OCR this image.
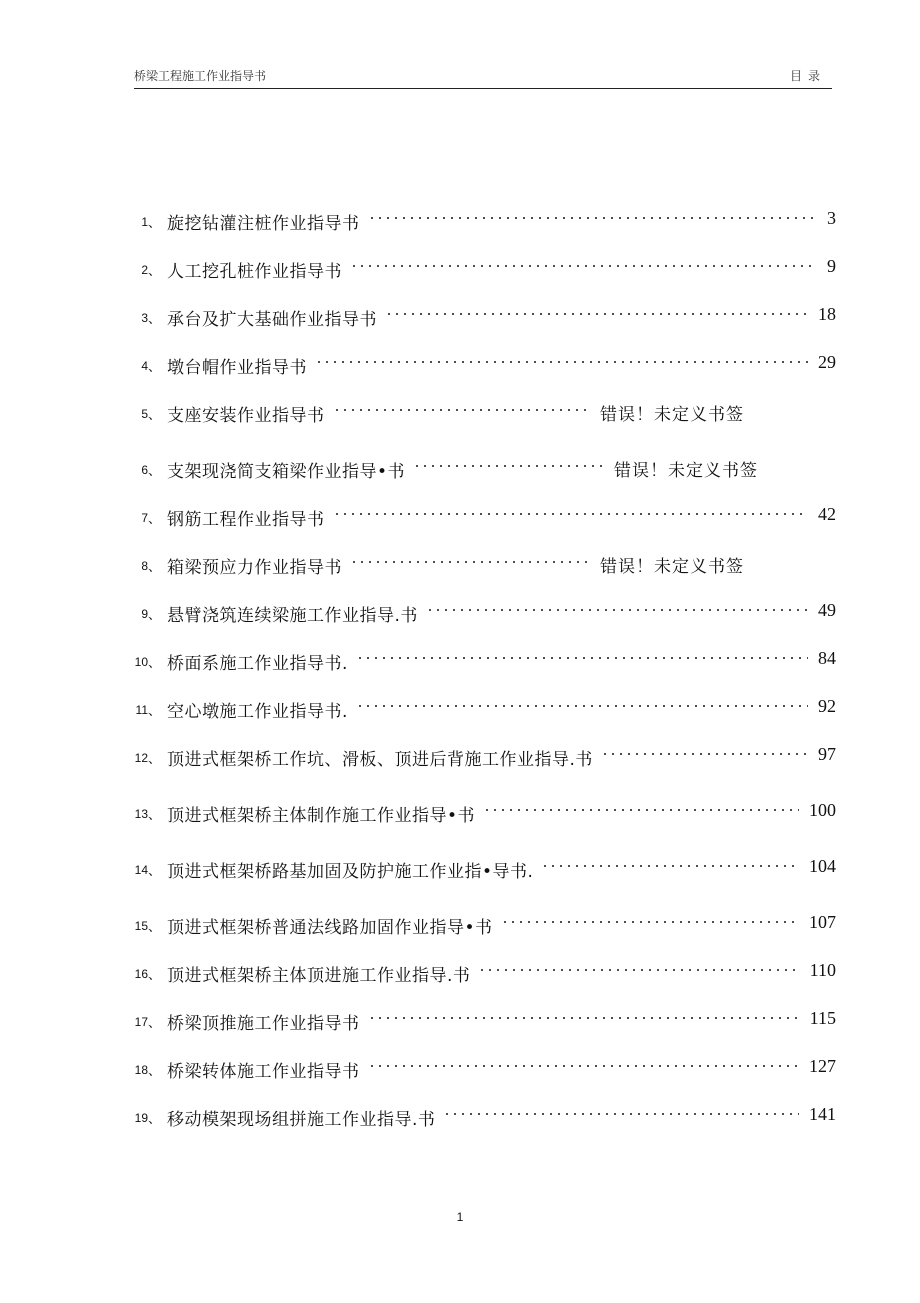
桥梁工程施工作业指导书	目录
1 、 旋挖钻灌注桩作业指导书	3
2 、 人工挖孔桩作业指导书	9
3 、 承台及扩大基础作业指导书	18
4 、 墩台帽作业指导书	29
5 、 支座安装作业指导书	错误！未定义书签
6 、 支架现浇简支箱梁作业指导•书	错误！未定义书签
7 、 钢筋工程作业指导书	42
8 、 箱梁预应力作业指导书	错误！未定义书签
9 、 悬臂浇筑连续梁施工作业指导.书	49
10 、 桥面系施工作业指导书.	84
11 、 空心墩施工作业指导书.	92
12 、 顶进式框架桥工作坑、滑板、顶进后背施工作业指导.书	97
13 、 顶进式框架桥主体制作施工作业指导•书	100
14 、 顶进式框架桥路基加固及防护施工作业指•导书.	104
15 、 顶进式框架桥普通法线路加固作业指导•书	107
16 、 顶进式框架桥主体顶进施工作业指导.书	110
17 、 桥梁顶推施工作业指导书	115
18 、 桥梁转体施工作业指导书	127
19 、 移动模架现场组拼施工作业指导.书	141
1
